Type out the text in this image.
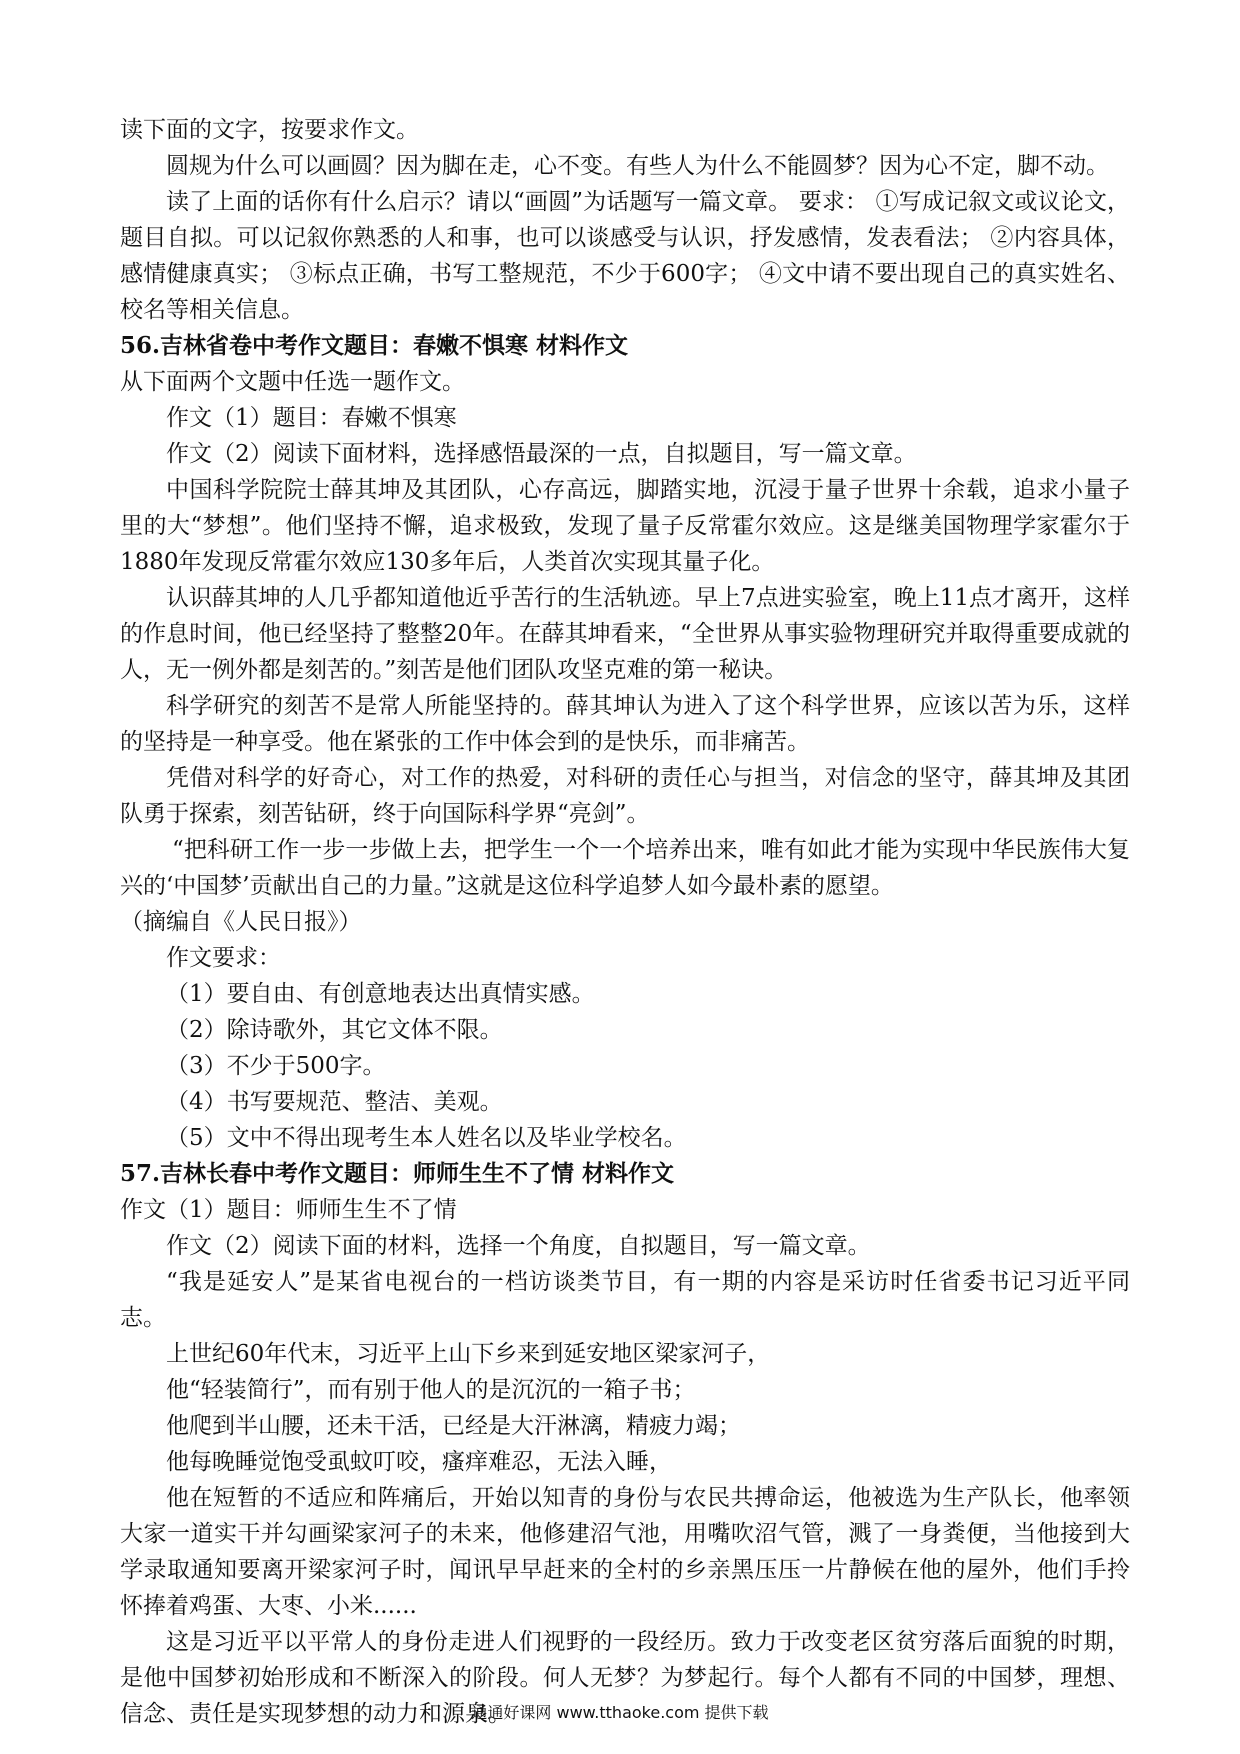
读下面的文字，按要求作文。

圆规为什么可以画圆？因为脚在走，心不变。有些人为什么不能圆梦？因为心不定，脚不动。

读了上面的话你有什么启示？请以“画圆”为话题写一篇文章。 要求： ①写成记叙文或议论文，题目自拟。可以记叙你熟悉的人和事，也可以谈感受与认识，抒发感情，发表看法； ②内容具体，感情健康真实； ③标点正确，书写工整规范，不少于600字； ④文中请不要出现自己的真实姓名、校名等相关信息。

56.吉林省卷中考作文题目：春嫩不惧寒 材料作文

从下面两个文题中任选一题作文。

作文（1）题目：春嫩不惧寒

作文（2）阅读下面材料，选择感悟最深的一点，自拟题目，写一篇文章。

中国科学院院士薛其坤及其团队，心存高远，脚踏实地，沉浸于量子世界十余载，追求小量子里的大“梦想”。他们坚持不懈，追求极致，发现了量子反常霍尔效应。这是继美国物理学家霍尔于1880年发现反常霍尔效应130多年后，人类首次实现其量子化。

认识薛其坤的人几乎都知道他近乎苦行的生活轨迹。早上7点进实验室，晚上11点才离开，这样的作息时间，他已经坚持了整整20年。在薛其坤看来，“全世界从事实验物理研究并取得重要成就的人，无一例外都是刻苦的。”刻苦是他们团队攻坚克难的第一秘诀。

科学研究的刻苦不是常人所能坚持的。薛其坤认为进入了这个科学世界，应该以苦为乐，这样的坚持是一种享受。他在紧张的工作中体会到的是快乐，而非痛苦。

凭借对科学的好奇心，对工作的热爱，对科研的责任心与担当，对信念的坚守，薛其坤及其团队勇于探索，刻苦钻研，终于向国际科学界“亮剑”。

“把科研工作一步一步做上去，把学生一个一个培养出来，唯有如此才能为实现中华民族伟大复兴的‘中国梦’贡献出自己的力量。”这就是这位科学追梦人如今最朴素的愿望。

（摘编自《人民日报》）

作文要求：

（1）要自由、有创意地表达出真情实感。

（2）除诗歌外，其它文体不限。

（3）不少于500字。

（4）书写要规范、整洁、美观。

（5）文中不得出现考生本人姓名以及毕业学校名。

57.吉林长春中考作文题目：师师生生不了情 材料作文

作文（1）题目：师师生生不了情

作文（2）阅读下面的材料，选择一个角度，自拟题目，写一篇文章。

“我是延安人”是某省电视台的一档访谈类节目，有一期的内容是采访时任省委书记习近平同志。

上世纪60年代末，习近平上山下乡来到延安地区梁家河子，

他“轻装简行”，而有别于他人的是沉沉的一箱子书；

他爬到半山腰，还未干活，已经是大汗淋漓，精疲力竭；

他每晚睡觉饱受虱蚊叮咬，瘙痒难忍，无法入睡，

他在短暂的不适应和阵痛后，开始以知青的身份与农民共搏命运，他被选为生产队长，他率领大家一道实干并勾画梁家河子的未来，他修建沼气池，用嘴吹沼气管，溅了一身粪便，当他接到大学录取通知要离开梁家河子时，闻讯早早赶来的全村的乡亲黑压压一片静候在他的屋外，他们手拎怀捧着鸡蛋、大枣、小米......

这是习近平以平常人的身份走进人们视野的一段经历。致力于改变老区贫穷落后面貌的时期，是他中国梦初始形成和不断深入的阶段。何人无梦？为梦起行。每个人都有不同的中国梦，理想、信念、责任是实现梦想的动力和源泉。

通通好课网 www.tthaoke.com 提供下载
